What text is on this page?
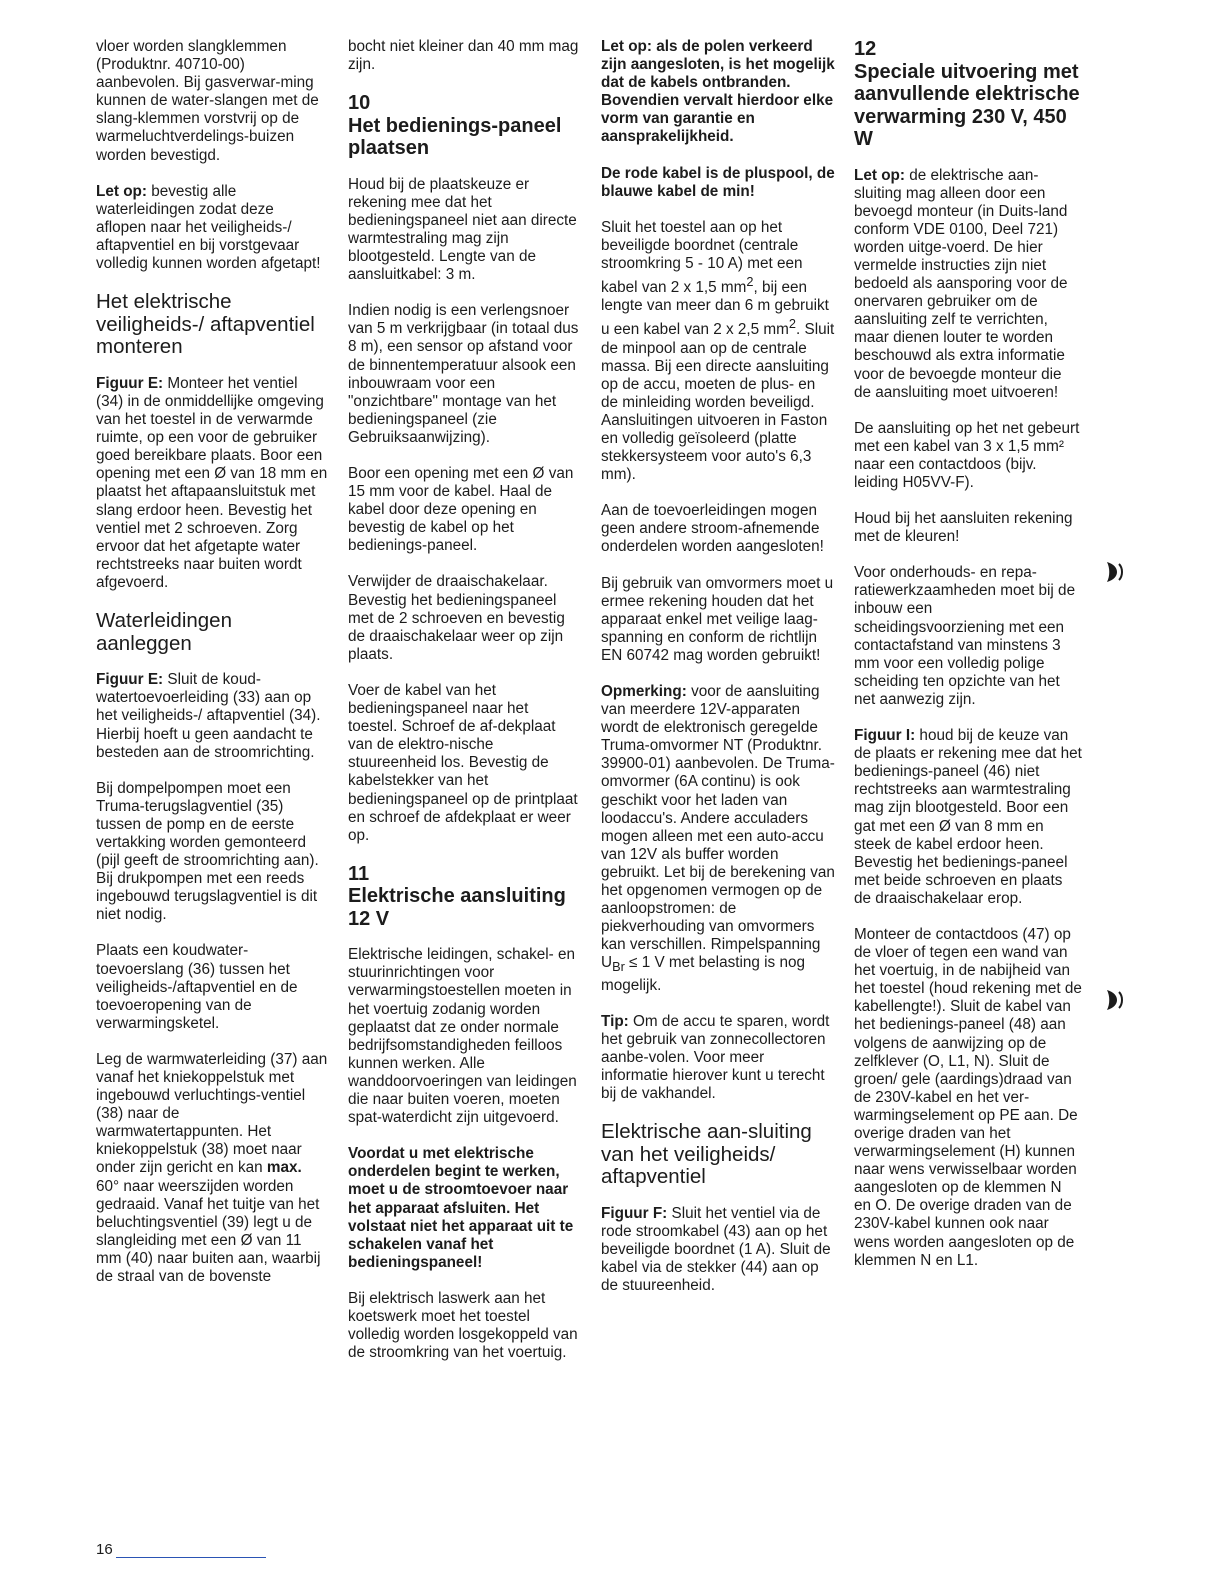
vloer worden slangklemmen (Produktnr. 40710-00) aanbevolen. Bij gasverwar-ming kunnen de water-slangen met de slang-klemmen vorstvrij op de warmeluchtverdelings-buizen worden bevestigd.

Let op: bevestig alle waterleidingen zodat deze aflopen naar het veiligheids-/ aftapventiel en bij vorstgevaar volledig kunnen worden afgetapt!

Het elektrische veiligheids-/ aftapventiel monteren

Figuur E: Monteer het ventiel (34) in de onmiddellijke omgeving van het toestel in de verwarmde ruimte, op een voor de gebruiker goed bereikbare plaats. Boor een opening met een Ø van 18 mm en plaatst het aftapaansluitstuk met slang erdoor heen. Bevestig het ventiel met 2 schroeven. Zorg ervoor dat het afgetapte water rechtstreeks naar buiten wordt afgevoerd.

Waterleidingen aanleggen

Figuur E: Sluit de koud-watertoevoerleiding (33) aan op het veiligheids-/ aftapventiel (34). Hierbij hoeft u geen aandacht te besteden aan de stroomrichting.

Bij dompelpompen moet een Truma-terugslagventiel (35) tussen de pomp en de eerste vertakking worden gemonteerd (pijl geeft de stroomrichting aan). Bij drukpompen met een reeds ingebouwd terugslagventiel is dit niet nodig.

Plaats een koudwater-toevoerslang (36) tussen het veiligheids-/aftapventiel en de toevoeropening van de verwarmingsketel.

Leg de warmwaterleiding (37) aan vanaf het kniekoppelstuk met ingebouwd verluchtings-ventiel (38) naar de warmwatertappunten. Het kniekoppelstuk (38) moet naar onder zijn gericht en kan max. 60° naar weerszijden worden gedraaid. Vanaf het tuitje van het beluchtingsventiel (39) legt u de slangleiding met een Ø van 11 mm (40) naar buiten aan, waarbij de straal van de bovenste

bocht niet kleiner dan 40 mm mag zijn.

10
Het bedienings-paneel plaatsen

Houd bij de plaatskeuze er rekening mee dat het bedieningspaneel niet aan directe warmtestraling mag zijn blootgesteld. Lengte van de aansluitkabel: 3 m.

Indien nodig is een verlengsnoer van 5 m verkrijgbaar (in totaal dus 8 m), een sensor op afstand voor de binnentemperatuur alsook een inbouwraam voor een "onzichtbare" montage van het bedieningspaneel (zie Gebruiksaanwijzing).

Boor een opening met een Ø van 15 mm voor de kabel. Haal de kabel door deze opening en bevestig de kabel op het bedienings-paneel.

Verwijder de draaischakelaar. Bevestig het bedieningspaneel met de 2 schroeven en bevestig de draaischakelaar weer op zijn plaats.

Voer de kabel van het bedieningspaneel naar het toestel. Schroef de af-dekplaat van de elektro-nische stuureenheid los. Bevestig de kabelstekker van het bedieningspaneel op de printplaat en schroef de afdekplaat er weer op.

11
Elektrische aansluiting 12 V

Elektrische leidingen, schakel- en stuurinrichtingen voor verwarmingstoestellen moeten in het voertuig zodanig worden geplaatst dat ze onder normale bedrijfsomstandigheden feilloos kunnen werken. Alle wanddoorvoeringen van leidingen die naar buiten voeren, moeten spat-waterdicht zijn uitgevoerd.

Voordat u met elektrische onderdelen begint te werken, moet u de stroomtoevoer naar het apparaat afsluiten. Het volstaat niet het apparaat uit te schakelen vanaf het bedieningspaneel!

Bij elektrisch laswerk aan het koetswerk moet het toestel volledig worden losgekoppeld van de stroomkring van het voertuig.

Let op: als de polen verkeerd zijn aangesloten, is het mogelijk dat de kabels ontbranden. Bovendien vervalt hierdoor elke vorm van garantie en aansprakelijkheid.

De rode kabel is de pluspool, de blauwe kabel de min!

Sluit het toestel aan op het beveiligde boordnet (centrale stroomkring 5 - 10 A) met een kabel van 2 x 1,5 $mm^2$, bij een lengte van meer dan 6 m gebruikt u een kabel van 2 x 2,5 $mm^2$. Sluit de minpool aan op de centrale massa. Bij een directe aansluiting op de accu, moeten de plus- en de minleiding worden beveiligd. Aansluitingen uitvoeren in Faston en volledig geïsoleerd (platte stekkersysteem voor auto's 6,3 mm).

Aan de toevoerleidingen mogen geen andere stroom-afnemende onderdelen worden aangesloten!

Bij gebruik van omvormers moet u ermee rekening houden dat het apparaat enkel met veilige laag-spanning en conform de richtlijn EN 60742 mag worden gebruikt!

Opmerking: voor de aansluiting van meerdere 12V-apparaten wordt de elektronisch geregelde Truma-omvormer NT (Produktnr. 39900-01) aanbevolen. De Truma-omvormer (6A continu) is ook geschikt voor het laden van loodaccu's. Andere acculaders mogen alleen met een auto-accu van 12V als buffer worden gebruikt. Let bij de berekening van het opgenomen vermogen op de aanloopstromen: de piekverhouding van omvormers kan verschillen. Rimpelspanning $U_{Br} \le 1$ V met belasting is nog mogelijk.

Tip: Om de accu te sparen, wordt het gebruik van zonnecollectoren aanbe-volen. Voor meer informatie hierover kunt u terecht bij de vakhandel.

Elektrische aan-sluiting van het veiligheids/ aftapventiel

Figuur F: Sluit het ventiel via de rode stroomkabel (43) aan op het beveiligde boordnet (1 A). Sluit de kabel via de stekker (44) aan op de stuureenheid.

12
Speciale uitvoering met aanvullende elektrische verwarming 230 V, 450 W

Let op: de elektrische aan-sluiting mag alleen door een bevoegd monteur (in Duits-land conform VDE 0100, Deel 721) worden uitge-voerd. De hier vermelde instructies zijn niet bedoeld als aansporing voor de onervaren gebruiker om de aansluiting zelf te verrichten, maar dienen louter te worden beschouwd als extra informatie voor de bevoegde monteur die de aansluiting moet uitvoeren!

De aansluiting op het net gebeurt met een kabel van 3 x 1,5 mm² naar een contactdoos (bijv. leiding H05VV-F).

Houd bij het aansluiten rekening met de kleuren!

Voor onderhouds- en repa-ratiewerkzaamheden moet bij de inbouw een scheidingsvoorziening met een contactafstand van minstens 3 mm voor een volledig polige scheiding ten opzichte van het net aanwezig zijn.

Figuur I: houd bij de keuze van de plaats er rekening mee dat het bedienings-paneel (46) niet rechtstreeks aan warmtestraling mag zijn blootgesteld. Boor een gat met een Ø van 8 mm en steek de kabel erdoor heen. Bevestig het bedienings-paneel met beide schroeven en plaats de draaischakelaar erop.

Monteer de contactdoos (47) op de vloer of tegen een wand van het voertuig, in de nabijheid van het toestel (houd rekening met de kabellengte!). Sluit de kabel van het bedienings-paneel (48) aan volgens de aanwijzing op de zelfklever (O, L1, N). Sluit de groen/ gele (aardings)draad van de 230V-kabel en het ver-warmingselement op PE aan. De overige draden van het verwarmingselement (H) kunnen naar wens verwisselbaar worden aangesloten op de klemmen N en O. De overige draden van de 230V-kabel kunnen ook naar wens worden aangesloten op de klemmen N en L1.

16
